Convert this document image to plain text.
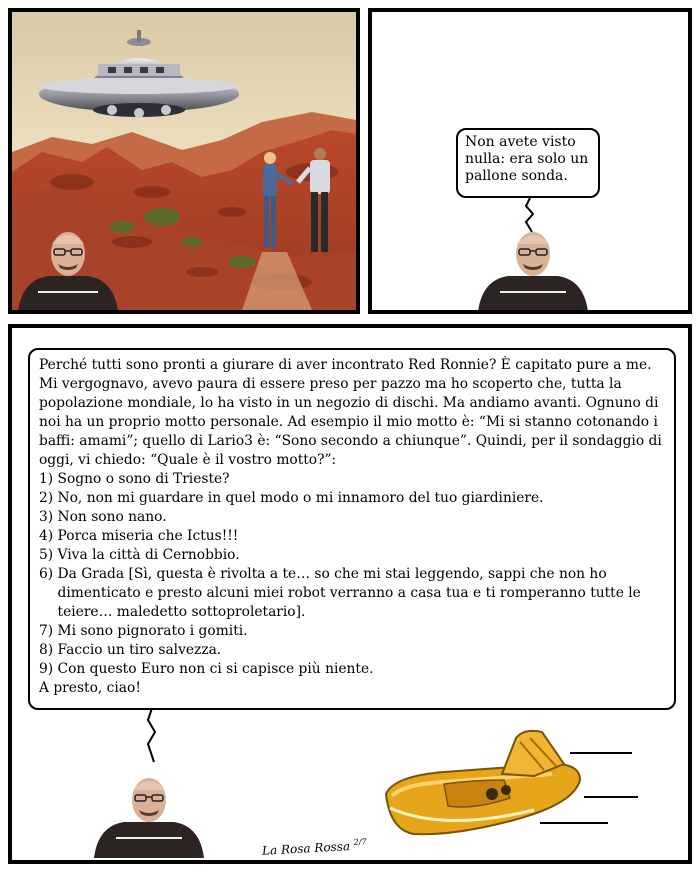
Non avete visto nulla: era solo un pallone sonda.

Perché tutti sono pronti a giurare di aver incontrato Red Ronnie? È capitato pure a me. Mi vergognavo, avevo paura di essere preso per pazzo ma ho scoperto che, tutta la popolazione mondiale, lo ha visto in un negozio di dischi. Ma andiamo avanti. Ognuno di noi ha un proprio motto personale. Ad esempio il mio motto è: “Mi si stanno cotonando i baffi: amami”; quello di Lario3 è: “Sono secondo a chiunque”. Quindi, per il sondaggio di oggi, vi chiedo: “Quale è il vostro motto?”:

1) Sogno o sono di Trieste?
2) No, non mi guardare in quel modo o mi innamoro del tuo giardiniere.
3) Non sono nano.
4) Porca miseria che Ictus!!!
5) Viva la città di Cernobbio.
6) Da Grada [Sì, questa è rivolta a te… so che mi stai leggendo, sappi che non ho dimenticato e presto alcuni miei robot verranno a casa tua e ti romperanno tutte le teiere… maledetto sottoproletario].
7) Mi sono pignorato i gomiti.
8) Faccio un tiro salvezza.
9) Con questo Euro non ci si capisce più niente.

A presto, ciao!

La Rosa Rossa $^{2/7}$
